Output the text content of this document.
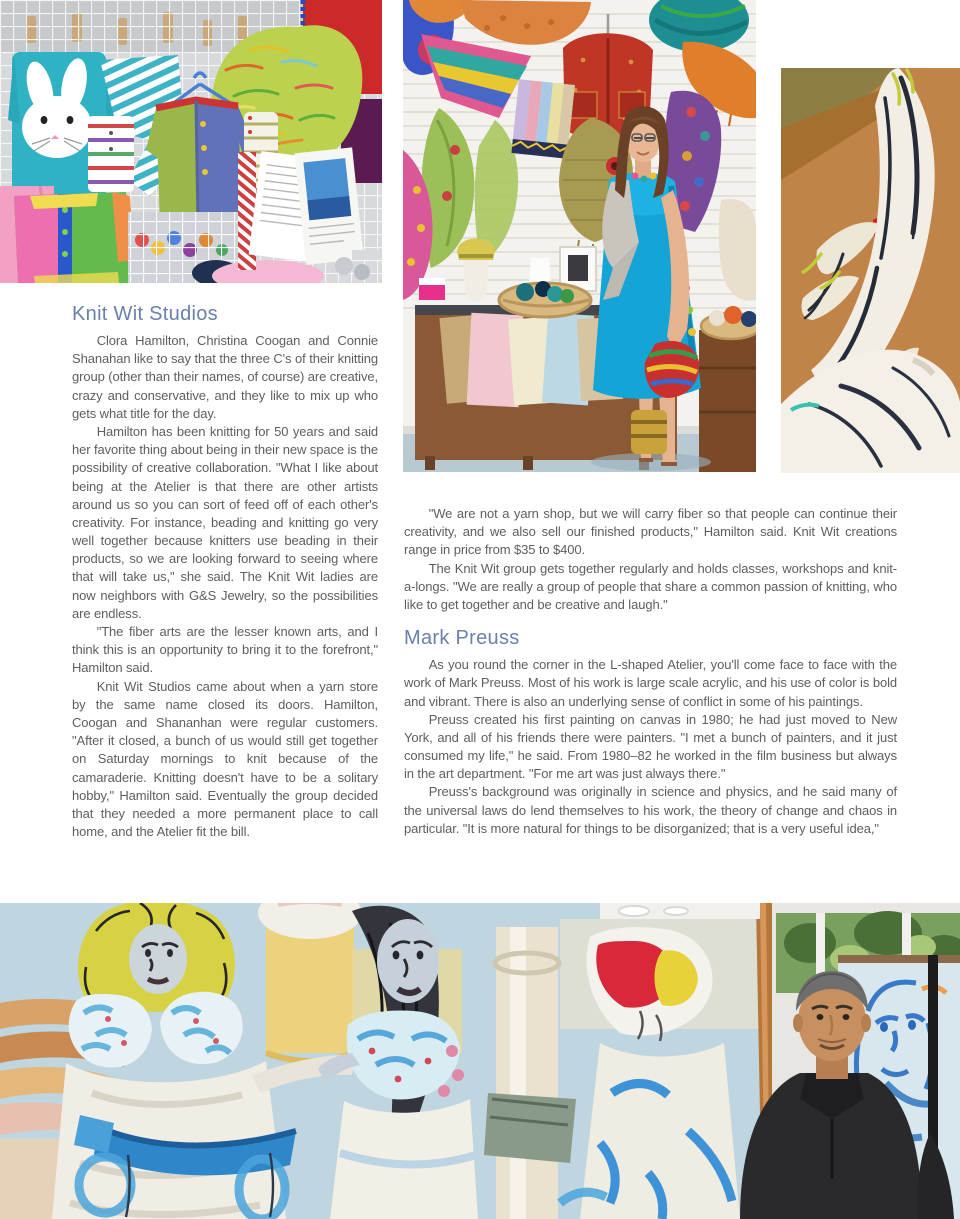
Knit Wit Studios

Clora Hamilton, Christina Coogan and Connie Shanahan like to say that the three C's of their knitting group (other than their names, of course) are creative, crazy and conservative, and they like to mix up who gets what title for the day.

Hamilton has been knitting for 50 years and said her favorite thing about being in their new space is the possibility of creative collaboration. "What I like about being at the Atelier is that there are other artists around us so you can sort of feed off of each other's creativity. For instance, beading and knitting go very well together because knitters use beading in their products, so we are looking forward to seeing where that will take us," she said. The Knit Wit ladies are now neighbors with G&S Jewelry, so the possibilities are endless.

"The fiber arts are the lesser known arts, and I think this is an opportunity to bring it to the forefront," Hamilton said.

Knit Wit Studios came about when a yarn store by the same name closed its doors. Hamilton, Coogan and Shananhan were regular customers. "After it closed, a bunch of us would still get together on Saturday mornings to knit because of the camaraderie. Knitting doesn't have to be a solitary hobby," Hamilton said. Eventually the group decided that they needed a more permanent place to call home, and the Atelier fit the bill.

"We are not a yarn shop, but we will carry fiber so that people can continue their creativity, and we also sell our finished products," Hamilton said. Knit Wit creations range in price from $35 to $400.

The Knit Wit group gets together regularly and holds classes, workshops and knit-a-longs. "We are really a group of people that share a common passion of knitting, who like to get together and be creative and laugh."

Mark Preuss

As you round the corner in the L-shaped Atelier, you'll come face to face with the work of Mark Preuss. Most of his work is large scale acrylic, and his use of color is bold and vibrant. There is also an underlying sense of conflict in some of his paintings.

Preuss created his first painting on canvas in 1980; he had just moved to New York, and all of his friends there were painters. "I met a bunch of painters, and it just consumed my life," he said. From 1980–82 he worked in the film business but always in the art department. "For me art was just always there."

Preuss's background was originally in science and physics, and he said many of the universal laws do lend themselves to his work, the theory of change and chaos in particular. "It is more natural for things to be disorganized; that is a very useful idea,"
